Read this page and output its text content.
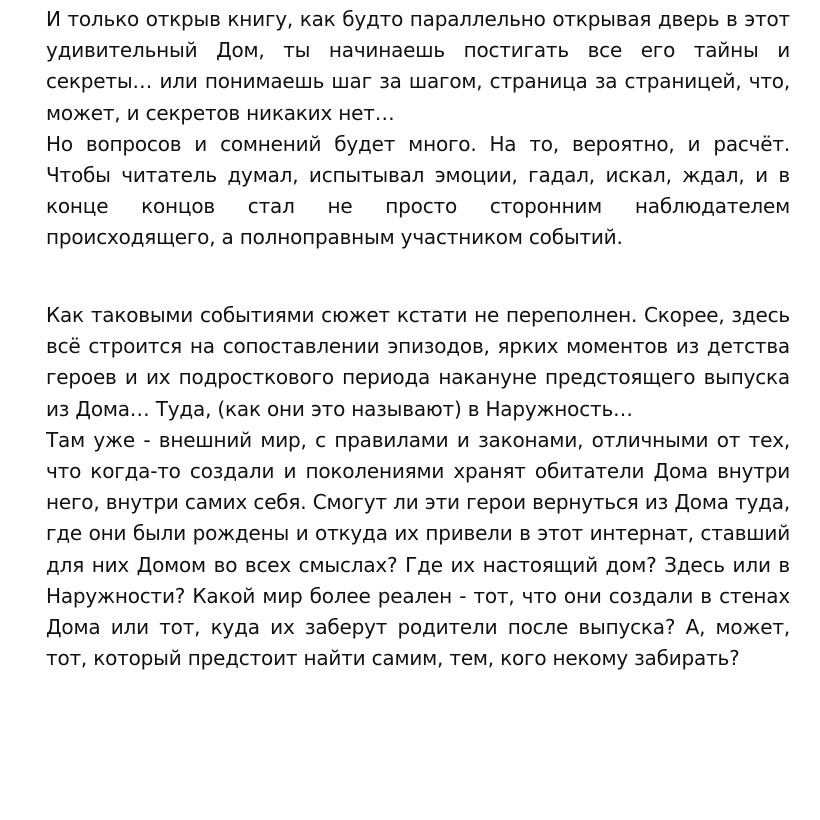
И только открыв книгу, как будто параллельно открывая дверь в этот удивительный Дом, ты начинаешь постигать все его тайны и секреты… или понимаешь шаг за шагом, страница за страницей, что, может, и секретов никаких нет…

Но вопросов и сомнений будет много. На то, вероятно, и расчёт. Чтобы читатель думал, испытывал эмоции, гадал, искал, ждал, и в конце концов стал не просто сторонним наблюдателем происходящего, а полноправным участником событий.

Как таковыми событиями сюжет кстати не переполнен. Скорее, здесь всё строится на сопоставлении эпизодов, ярких моментов из детства героев и их подросткового периода накануне предстоящего выпуска из Дома… Туда, (как они это называют) в Наружность…

Там уже - внешний мир, с правилами и законами, отличными от тех, что когда-то создали и поколениями хранят обитатели Дома внутри него, внутри самих себя. Смогут ли эти герои вернуться из Дома туда, где они были рождены и откуда их привели в этот интернат, ставший для них Домом во всех смыслах? Где их настоящий дом? Здесь или в Наружности? Какой мир более реален - тот, что они создали в стенах Дома или тот, куда их заберут родители после выпуска? А, может, тот, который предстоит найти самим, тем, кого некому забирать?
